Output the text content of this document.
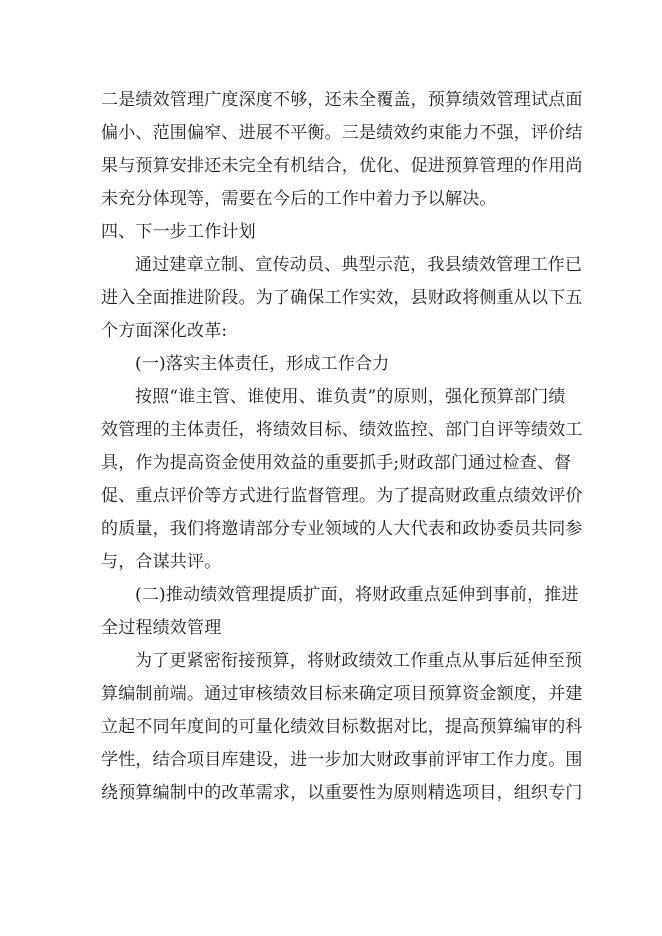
二是绩效管理广度深度不够，还未全覆盖，预算绩效管理试点面
偏小、范围偏窄、进展不平衡。三是绩效约束能力不强，评价结
果与预算安排还未完全有机结合，优化、促进预算管理的作用尚
未充分体现等，需要在今后的工作中着力予以解决。
四、下一步工作计划
通过建章立制、宣传动员、典型示范，我县绩效管理工作已
进入全面推进阶段。为了确保工作实效，县财政将侧重从以下五
个方面深化改革:
(一)落实主体责任，形成工作合力
按照“谁主管、谁使用、谁负责”的原则，强化预算部门绩
效管理的主体责任，将绩效目标、绩效监控、部门自评等绩效工
具，作为提高资金使用效益的重要抓手;财政部门通过检查、督
促、重点评价等方式进行监督管理。为了提高财政重点绩效评价
的质量，我们将邀请部分专业领域的人大代表和政协委员共同参
与，合谋共评。
(二)推动绩效管理提质扩面，将财政重点延伸到事前，推进
全过程绩效管理
为了更紧密衔接预算，将财政绩效工作重点从事后延伸至预
算编制前端。通过审核绩效目标来确定项目预算资金额度，并建
立起不同年度间的可量化绩效目标数据对比，提高预算编审的科
学性，结合项目库建设，进一步加大财政事前评审工作力度。围
绕预算编制中的改革需求，以重要性为原则精选项目，组织专门
